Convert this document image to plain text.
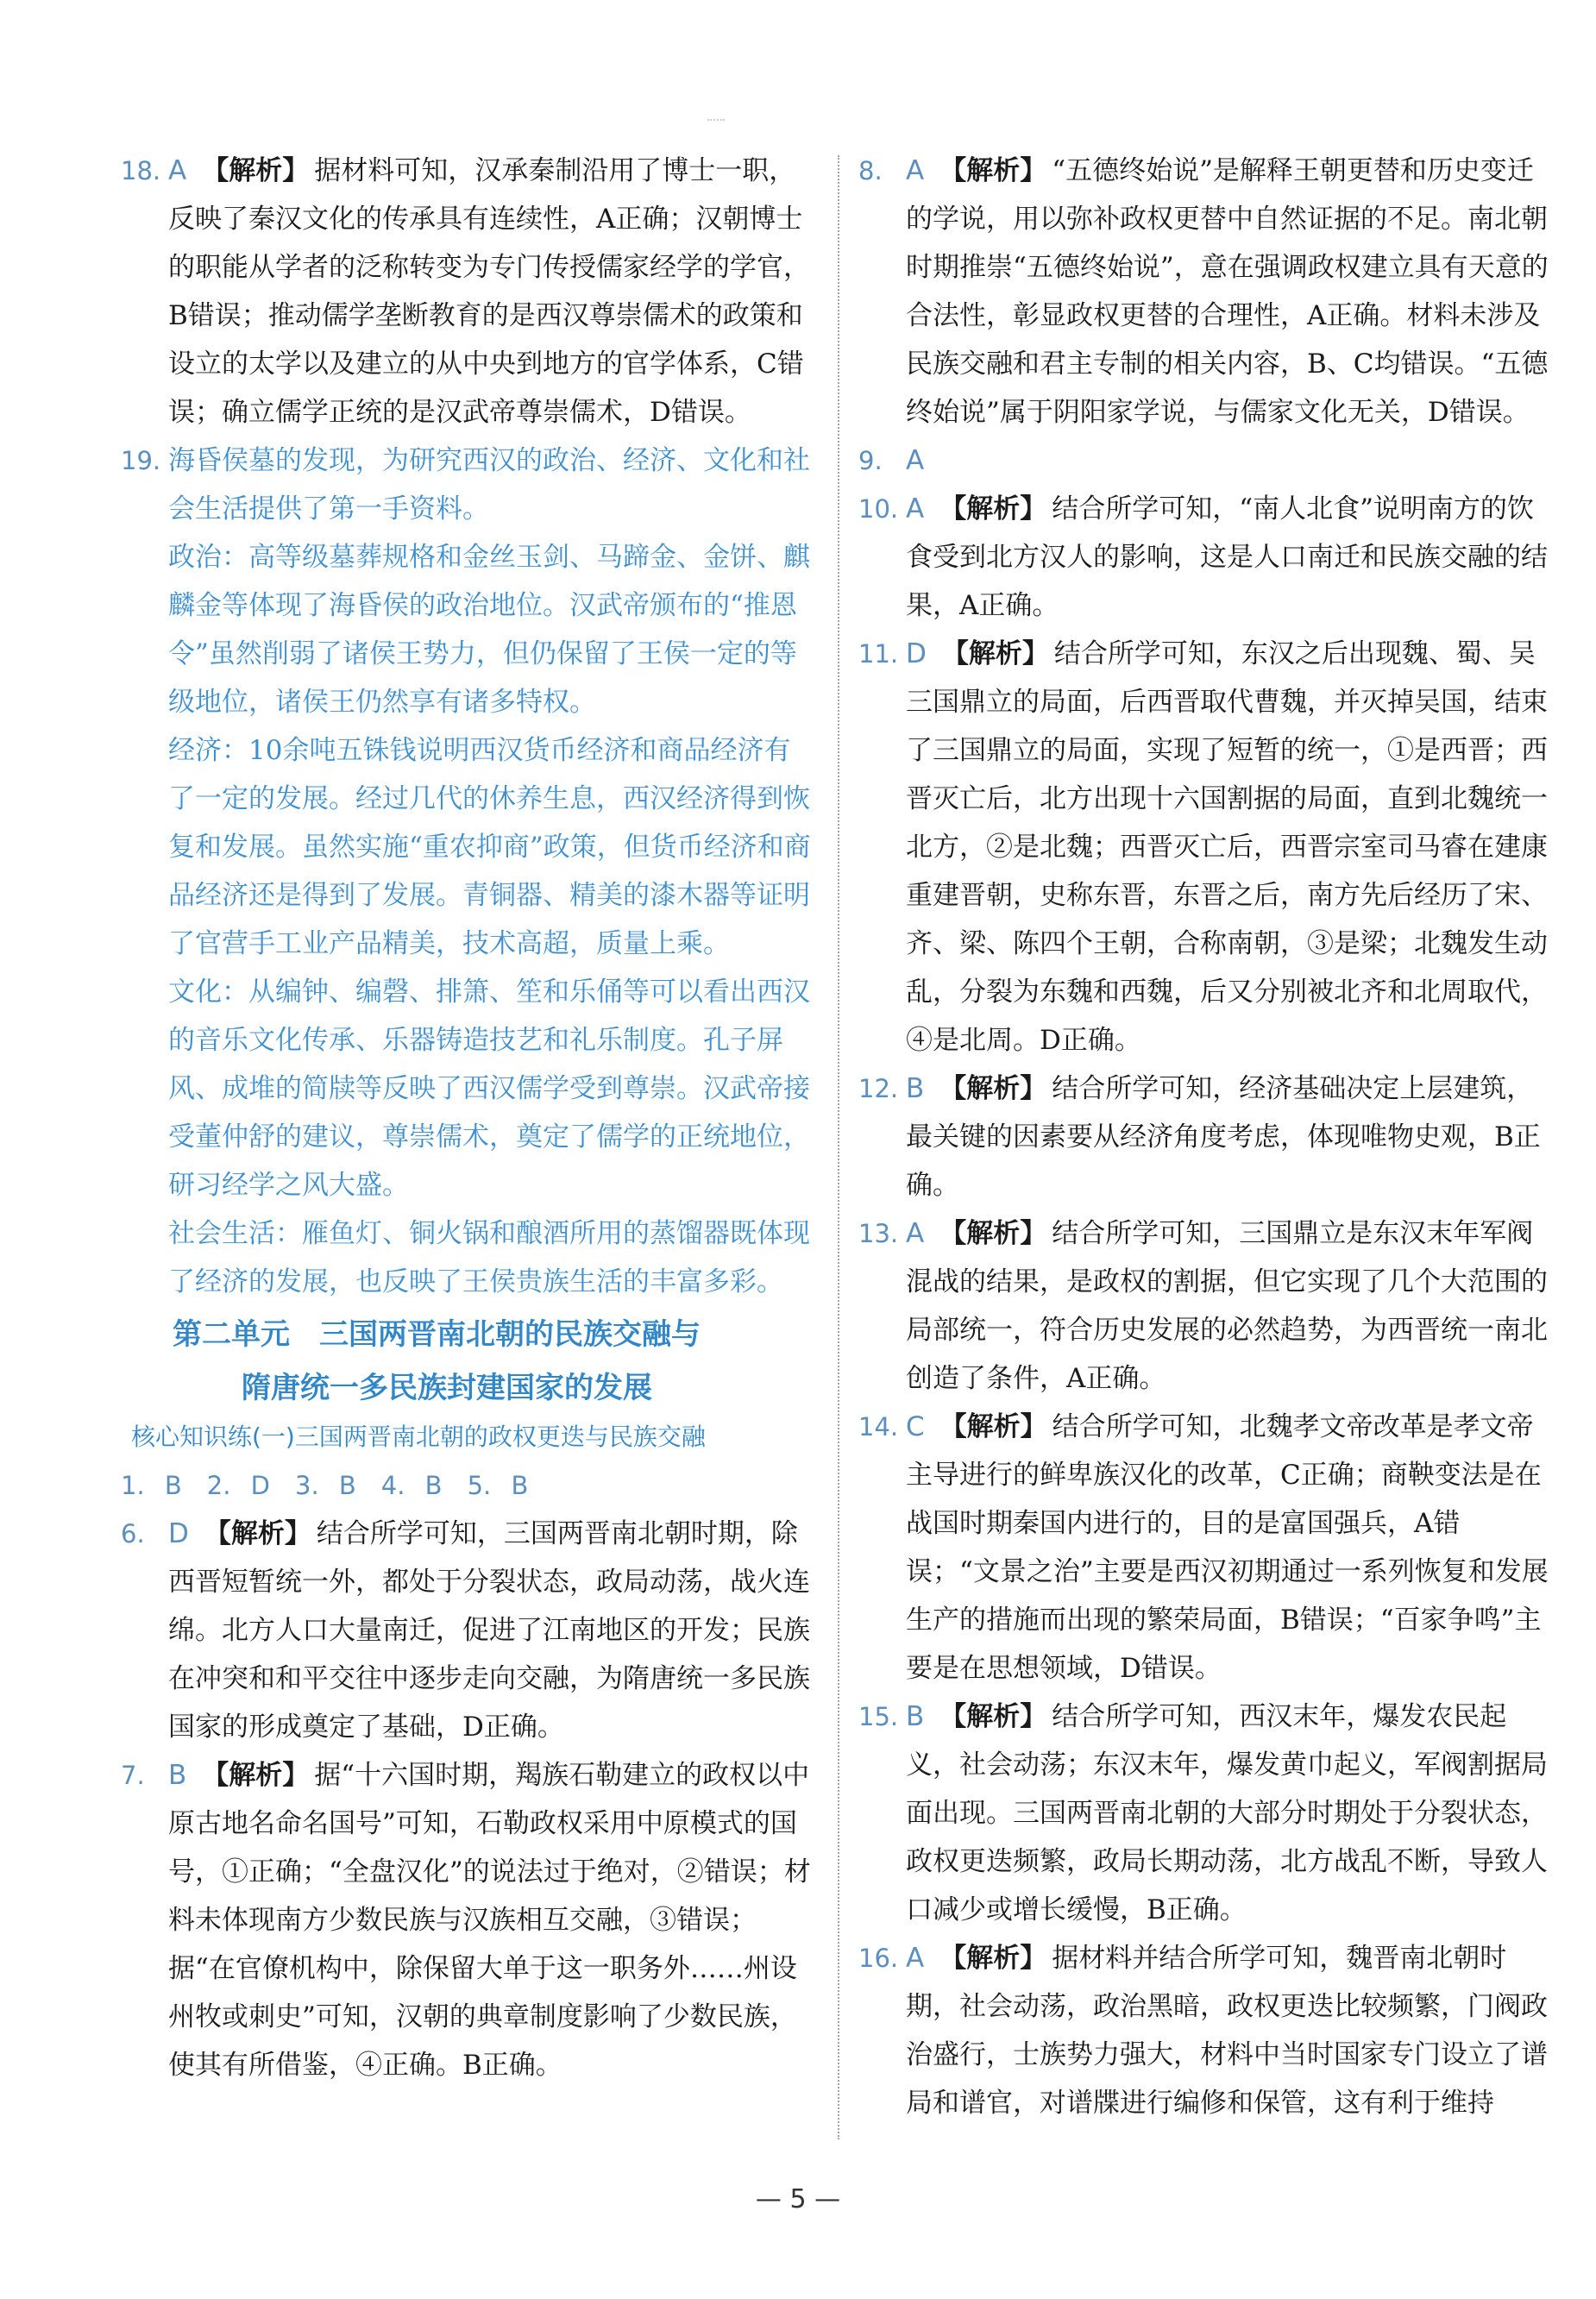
18. A 【解析】 据材料可知，汉承秦制沿用了博士一职，反映了秦汉文化的传承具有连续性，A正确；汉朝博士的职能从学者的泛称转变为专门传授儒家经学的学官，B错误；推动儒学垄断教育的是西汉尊崇儒术的政策和设立的太学以及建立的从中央到地方的官学体系，C错误；确立儒学正统的是汉武帝尊崇儒术，D错误。
19. 海昏侯墓的发现，为研究西汉的政治、经济、文化和社会生活提供了第一手资料。
政治：高等级墓葬规格和金丝玉剑、马蹄金、金饼、麒麟金等体现了海昏侯的政治地位。汉武帝颁布的“推恩令”虽然削弱了诸侯王势力，但仍保留了王侯一定的等级地位，诸侯王仍然享有诸多特权。
经济：10余吨五铢钱说明西汉货币经济和商品经济有了一定的发展。经过几代的休养生息，西汉经济得到恢复和发展。虽然实施“重农抑商”政策，但货币经济和商品经济还是得到了发展。青铜器、精美的漆木器等证明了官营手工业产品精美，技术高超，质量上乘。
文化：从编钟、编磬、排箫、笙和乐俑等可以看出西汉的音乐文化传承、乐器铸造技艺和礼乐制度。孔子屏风、成堆的简牍等反映了西汉儒学受到尊崇。汉武帝接受董仲舒的建议，尊崇儒术，奠定了儒学的正统地位，研习经学之风大盛。
社会生活：雁鱼灯、铜火锅和酿酒所用的蒸馏器既体现了经济的发展，也反映了王侯贵族生活的丰富多彩。
第二单元　三国两晋南北朝的民族交融与
隋唐统一多民族封建国家的发展
核心知识练(一)三国两晋南北朝的政权更迭与民族交融
1. B　2. D　3. B　4. B　5. B
6. D 【解析】 结合所学可知，三国两晋南北朝时期，除西晋短暂统一外，都处于分裂状态，政局动荡，战火连绵。北方人口大量南迁，促进了江南地区的开发；民族在冲突和和平交往中逐步走向交融，为隋唐统一多民族国家的形成奠定了基础，D正确。
7. B 【解析】 据“十六国时期，羯族石勒建立的政权以中原古地名命名国号”可知，石勒政权采用中原模式的国号，①正确；“全盘汉化”的说法过于绝对，②错误；材料未体现南方少数民族与汉族相互交融，③错误；据“在官僚机构中，除保留大单于这一职务外……州设州牧或刺史”可知，汉朝的典章制度影响了少数民族，使其有所借鉴，④正确。B正确。
8. A 【解析】 “五德终始说”是解释王朝更替和历史变迁的学说，用以弥补政权更替中自然证据的不足。南北朝时期推崇“五德终始说”，意在强调政权建立具有天意的合法性，彰显政权更替的合理性，A正确。材料未涉及民族交融和君主专制的相关内容，B、C均错误。“五德终始说”属于阴阳家学说，与儒家文化无关，D错误。
9. A
10. A 【解析】 结合所学可知，“南人北食”说明南方的饮食受到北方汉人的影响，这是人口南迁和民族交融的结果，A正确。
11. D 【解析】 结合所学可知，东汉之后出现魏、蜀、吴三国鼎立的局面，后西晋取代曹魏，并灭掉吴国，结束了三国鼎立的局面，实现了短暂的统一，①是西晋；西晋灭亡后，北方出现十六国割据的局面，直到北魏统一北方，②是北魏；西晋灭亡后，西晋宗室司马睿在建康重建晋朝，史称东晋，东晋之后，南方先后经历了宋、齐、梁、陈四个王朝，合称南朝，③是梁；北魏发生动乱，分裂为东魏和西魏，后又分别被北齐和北周取代，④是北周。D正确。
12. B 【解析】 结合所学可知，经济基础决定上层建筑，最关键的因素要从经济角度考虑，体现唯物史观，B正确。
13. A 【解析】 结合所学可知，三国鼎立是东汉末年军阀混战的结果，是政权的割据，但它实现了几个大范围的局部统一，符合历史发展的必然趋势，为西晋统一南北创造了条件，A正确。
14. C 【解析】 结合所学可知，北魏孝文帝改革是孝文帝主导进行的鲜卑族汉化的改革，C正确；商鞅变法是在战国时期秦国内进行的，目的是富国强兵，A错误；“文景之治”主要是西汉初期通过一系列恢复和发展生产的措施而出现的繁荣局面，B错误；“百家争鸣”主要是在思想领域，D错误。
15. B 【解析】 结合所学可知，西汉末年，爆发农民起义，社会动荡；东汉末年，爆发黄巾起义，军阀割据局面出现。三国两晋南北朝的大部分时期处于分裂状态，政权更迭频繁，政局长期动荡，北方战乱不断，导致人口减少或增长缓慢，B正确。
16. A 【解析】 据材料并结合所学可知，魏晋南北朝时期，社会动荡，政治黑暗，政权更迭比较频繁，门阀政治盛行，士族势力强大，材料中当时国家专门设立了谱局和谱官，对谱牒进行编修和保管，这有利于维持
— 5 —
